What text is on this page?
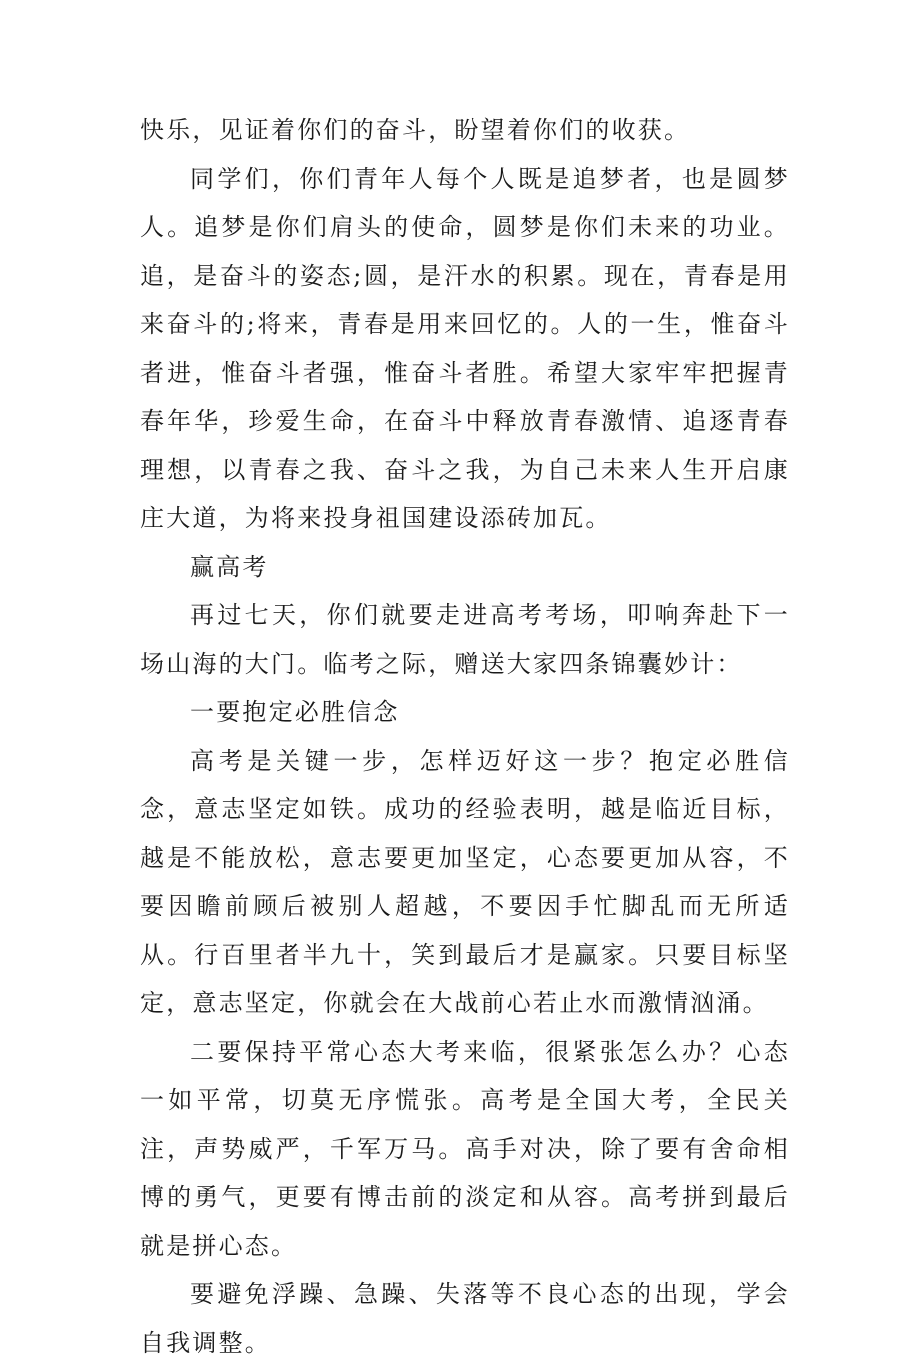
快乐，见证着你们的奋斗，盼望着你们的收获。

同学们，你们青年人每个人既是追梦者，也是圆梦人。追梦是你们肩头的使命，圆梦是你们未来的功业。追，是奋斗的姿态;圆，是汗水的积累。现在，青春是用来奋斗的;将来，青春是用来回忆的。人的一生，惟奋斗者进，惟奋斗者强，惟奋斗者胜。希望大家牢牢把握青春年华，珍爱生命，在奋斗中释放青春激情、追逐青春理想，以青春之我、奋斗之我，为自己未来人生开启康庄大道，为将来投身祖国建设添砖加瓦。

赢高考

再过七天，你们就要走进高考考场，叩响奔赴下一场山海的大门。临考之际，赠送大家四条锦囊妙计：

一要抱定必胜信念

高考是关键一步，怎样迈好这一步？抱定必胜信念，意志坚定如铁。成功的经验表明，越是临近目标，越是不能放松，意志要更加坚定，心态要更加从容，不要因瞻前顾后被别人超越，不要因手忙脚乱而无所适从。行百里者半九十，笑到最后才是赢家。只要目标坚定，意志坚定，你就会在大战前心若止水而激情汹涌。

二要保持平常心态大考来临，很紧张怎么办？心态一如平常，切莫无序慌张。高考是全国大考，全民关注，声势威严，千军万马。高手对决，除了要有舍命相博的勇气，更要有博击前的淡定和从容。高考拼到最后就是拼心态。

要避免浮躁、急躁、失落等不良心态的出现，学会自我调整。
